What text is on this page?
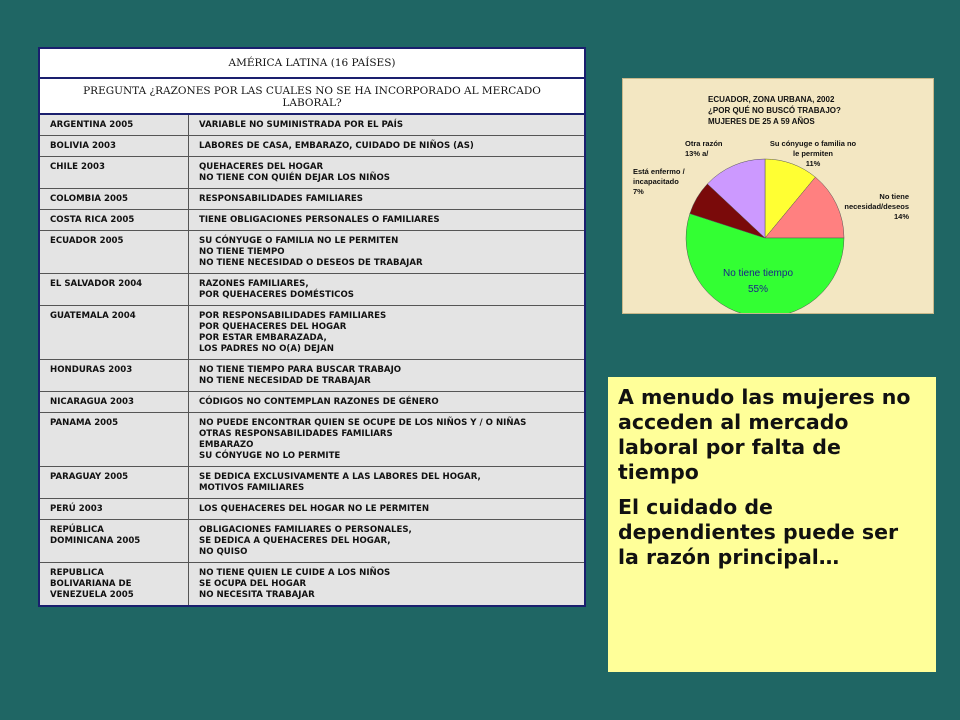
AMÉRICA LATINA (16 PAÍSES)
PREGUNTA ¿RAZONES POR LAS CUALES NO SE HA INCORPORADO AL MERCADO LABORAL?
ARGENTINA 2005	VARIABLE NO SUMINISTRADA POR EL PAÍS

BOLIVIA 2003	LABORES DE CASA, EMBARAZO, CUIDADO DE NIÑOS (AS)

CHILE 2003	QUEHACERES DEL HOGAR
NO TIENE CON QUIÉN DEJAR LOS NIÑOS

COLOMBIA 2005	RESPONSABILIDADES FAMILIARES

COSTA RICA 2005	TIENE OBLIGACIONES PERSONALES O FAMILIARES

ECUADOR 2005	SU CÓNYUGE O FAMILIA NO LE PERMITEN
NO TIENE TIEMPO
NO TIENE NECESIDAD O DESEOS DE TRABAJAR

EL SALVADOR 2004	RAZONES FAMILIARES,
POR QUEHACERES DOMÉSTICOS

GUATEMALA 2004	POR RESPONSABILIDADES FAMILIARES
POR QUEHACERES DEL HOGAR
POR ESTAR EMBARAZADA,
LOS PADRES NO O(A) DEJAN

HONDURAS 2003	NO TIENE TIEMPO PARA BUSCAR TRABAJO
NO TIENE NECESIDAD DE TRABAJAR

NICARAGUA 2003	CÓDIGOS NO CONTEMPLAN RAZONES DE GÉNERO

PANAMA 2005	NO PUEDE ENCONTRAR QUIEN SE OCUPE DE LOS NIÑOS Y / O NIÑAS
OTRAS RESPONSABILIDADES FAMILIARS
EMBARAZO
SU CÓNYUGE NO LO PERMITE

PARAGUAY 2005	SE DEDICA EXCLUSIVAMENTE A LAS LABORES DEL HOGAR,
MOTIVOS FAMILIARES

PERÚ 2003	LOS QUEHACERES DEL HOGAR NO LE PERMITEN

REPÚBLICA
DOMINICANA 2005	OBLIGACIONES FAMILIARES O PERSONALES,
SE DEDICA A QUEHACERES DEL HOGAR,
NO QUISO

REPUBLICA
BOLIVARIANA DE
VENEZUELA 2005	NO TIENE QUIEN LE CUIDE A LOS NIÑOS
SE OCUPA DEL HOGAR
NO NECESITA TRABAJAR
ECUADOR, ZONA URBANA, 2002
¿POR QUÉ NO BUSCÓ TRABAJO?
MUJERES DE 25 A 59 AÑOS
Su cónyuge o familia no
le permiten
11%
No tiene
necesidad/deseos
14%
No tiene tiempo
55%
Está enfermo /
incapacitado
7%
Otra razón
13% a/

A menudo las mujeres no acceden al mercado laboral por falta de tiempo

El cuidado de dependientes puede ser la razón principal…
